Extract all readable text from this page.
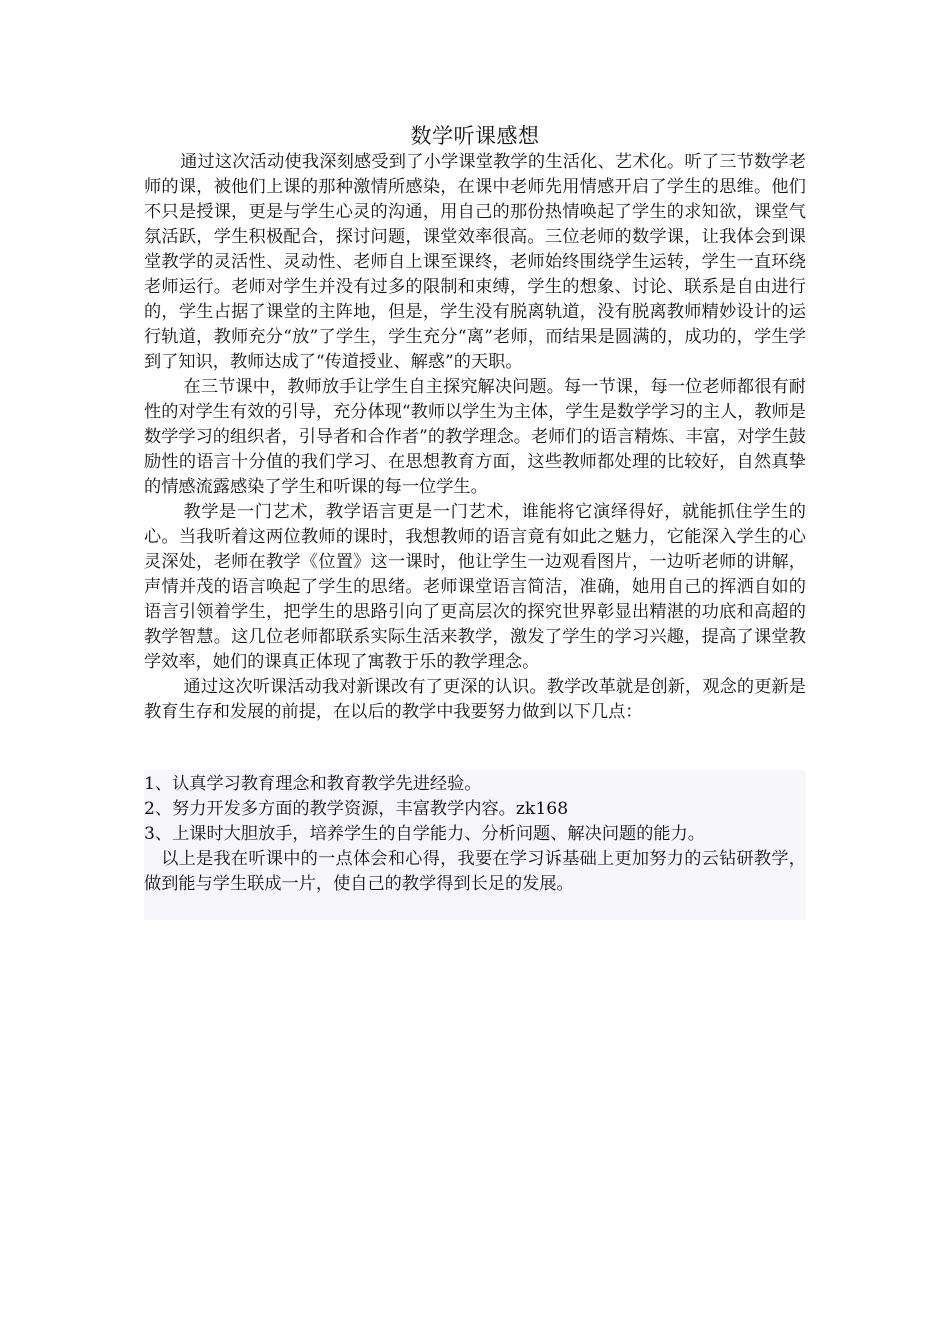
数学听课感想

通过这次活动使我深刻感受到了小学课堂教学的生活化、艺术化。听了三节数学老师的课，被他们上课的那种激情所感染，在课中老师先用情感开启了学生的思维。他们不只是授课，更是与学生心灵的沟通，用自己的那份热情唤起了学生的求知欲，课堂气氛活跃，学生积极配合，探讨问题，课堂效率很高。三位老师的数学课，让我体会到课堂教学的灵活性、灵动性、老师自上课至课终，老师始终围绕学生运转，学生一直环绕老师运行。老师对学生并没有过多的限制和束缚，学生的想象、讨论、联系是自由进行的，学生占据了课堂的主阵地，但是，学生没有脱离轨道，没有脱离教师精妙设计的运行轨道，教师充分“放”了学生，学生充分“离”老师，而结果是圆满的，成功的，学生学到了知识，教师达成了“传道授业、解惑”的天职。

在三节课中，教师放手让学生自主探究解决问题。每一节课，每一位老师都很有耐性的对学生有效的引导，充分体现“教师以学生为主体，学生是数学学习的主人，教师是数学学习的组织者，引导者和合作者”的教学理念。老师们的语言精炼、丰富，对学生鼓励性的语言十分值的我们学习、在思想教育方面，这些教师都处理的比较好，自然真挚的情感流露感染了学生和听课的每一位学生。

教学是一门艺术，教学语言更是一门艺术，谁能将它演绎得好，就能抓住学生的心。当我听着这两位教师的课时，我想教师的语言竟有如此之魅力，它能深入学生的心灵深处，老师在教学《位置》这一课时，他让学生一边观看图片，一边听老师的讲解，声情并茂的语言唤起了学生的思绪。老师课堂语言简洁，准确，她用自己的挥洒自如的语言引领着学生，把学生的思路引向了更高层次的探究世界彰显出精湛的功底和高超的教学智慧。这几位老师都联系实际生活来教学，激发了学生的学习兴趣，提高了课堂教学效率，她们的课真正体现了寓教于乐的教学理念。

通过这次听课活动我对新课改有了更深的认识。教学改革就是创新，观念的更新是教育生存和发展的前提，在以后的教学中我要努力做到以下几点：

1、认真学习教育理念和教育教学先进经验。

2、努力开发多方面的教学资源，丰富教学内容。zk168

3、上课时大胆放手，培养学生的自学能力、分析问题、解决问题的能力。

以上是我在听课中的一点体会和心得，我要在学习诉基础上更加努力的云钻研教学，做到能与学生联成一片，使自己的教学得到长足的发展。
